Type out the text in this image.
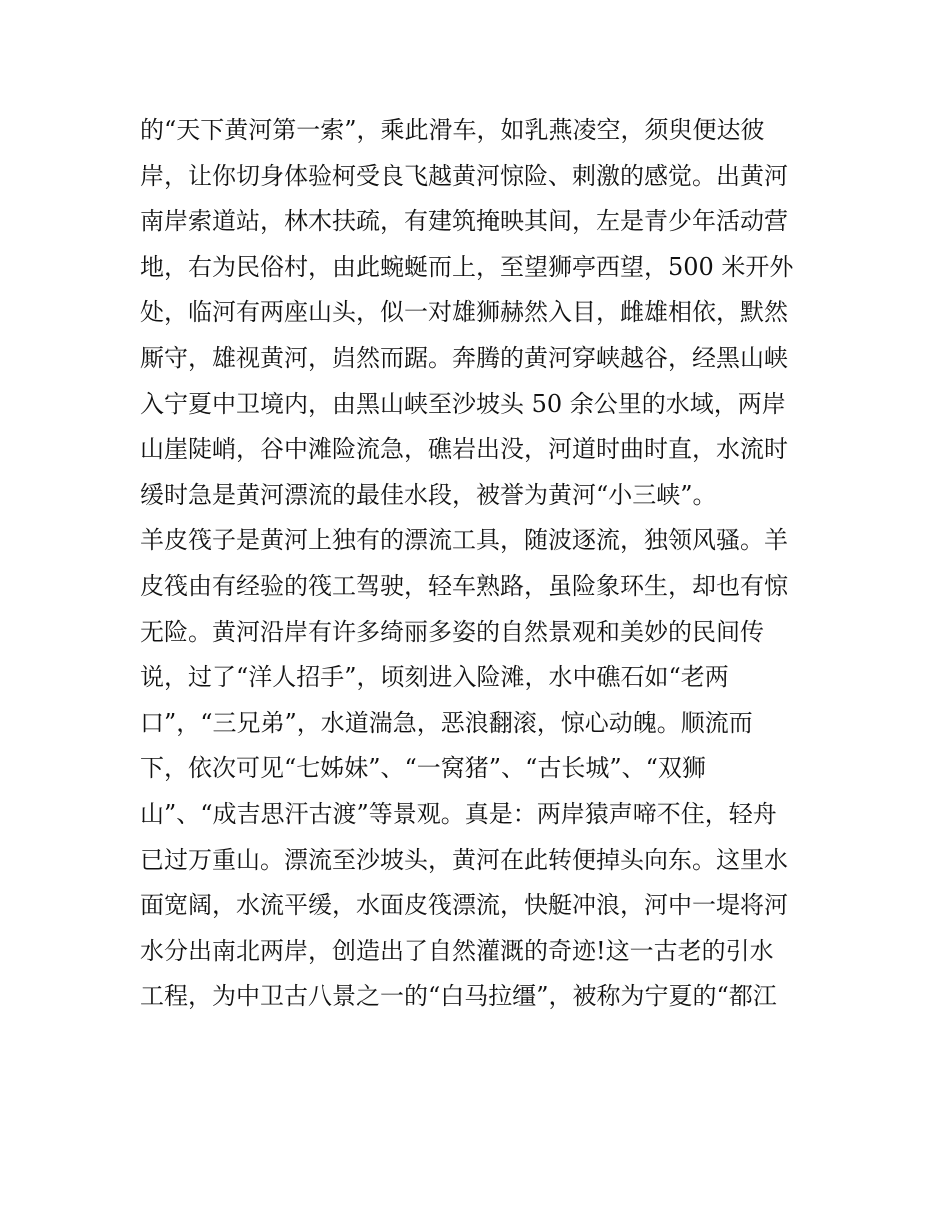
的“天下黄河第一索”，乘此滑车，如乳燕凌空，须臾便达彼
岸，让你切身体验柯受良飞越黄河惊险、刺激的感觉。出黄河
南岸索道站，林木扶疏，有建筑掩映其间，左是青少年活动营
地，右为民俗村，由此蜿蜒而上，至望狮亭西望，500 米开外
处，临河有两座山头，似一对雄狮赫然入目，雌雄相依，默然
厮守，雄视黄河，岿然而踞。奔腾的黄河穿峡越谷，经黑山峡
入宁夏中卫境内，由黑山峡至沙坡头 50 余公里的水域，两岸
山崖陡峭，谷中滩险流急，礁岩出没，河道时曲时直，水流时
缓时急是黄河漂流的最佳水段，被誉为黄河“小三峡”。
羊皮筏子是黄河上独有的漂流工具，随波逐流，独领风骚。羊
皮筏由有经验的筏工驾驶，轻车熟路，虽险象环生，却也有惊
无险。黄河沿岸有许多绮丽多姿的自然景观和美妙的民间传
说，过了“洋人招手”，顷刻进入险滩，水中礁石如“老两
口”，“三兄弟”，水道湍急，恶浪翻滚，惊心动魄。顺流而
下，依次可见“七姊妹”、“一窝猪”、“古长城”、“双狮
山”、“成吉思汗古渡”等景观。真是：两岸猿声啼不住，轻舟
已过万重山。漂流至沙坡头，黄河在此转便掉头向东。这里水
面宽阔，水流平缓，水面皮筏漂流，快艇冲浪，河中一堤将河
水分出南北两岸，创造出了自然灌溉的奇迹!这一古老的引水
工程，为中卫古八景之一的“白马拉缰”，被称为宁夏的“都江
